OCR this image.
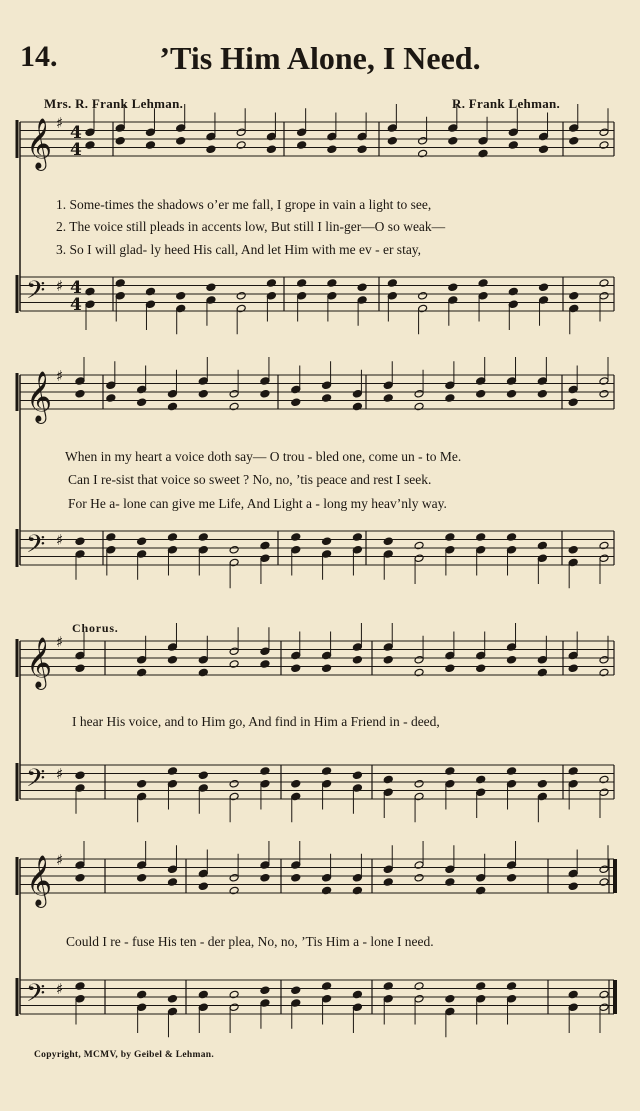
14.	’Tis Him Alone, I Need.
Mrs. R. Frank Lehman.	R. Frank Lehman.
𝄞 ♯ 4
4
𝄢 ♯ 4
4
𝄞 ♯
𝄢 ♯
𝄞 ♯
𝄢 ♯
𝄞 ♯
𝄢 ♯
1. Some-times the shadows o’er me fall, I grope in vain a light to see,
2. The voice still pleads in accents low, But still I lin-ger—O so weak—
3. So I will glad- ly heed His call, And let Him with me ev - er stay,
When in my heart a voice doth say— O trou - bled one, come un - to Me.
Can I re-sist that voice so sweet ? No, no, ’tis peace and rest I seek.
For He a- lone can give me Life, And Light a - long my heav’nly way.
Chorus.
I hear His voice, and to Him go, And find in Him a Friend in - deed,
Could I re - fuse His ten - der plea, No, no, ’Tis Him a - lone I need.
Copyright, MCMV, by Geibel & Lehman.
